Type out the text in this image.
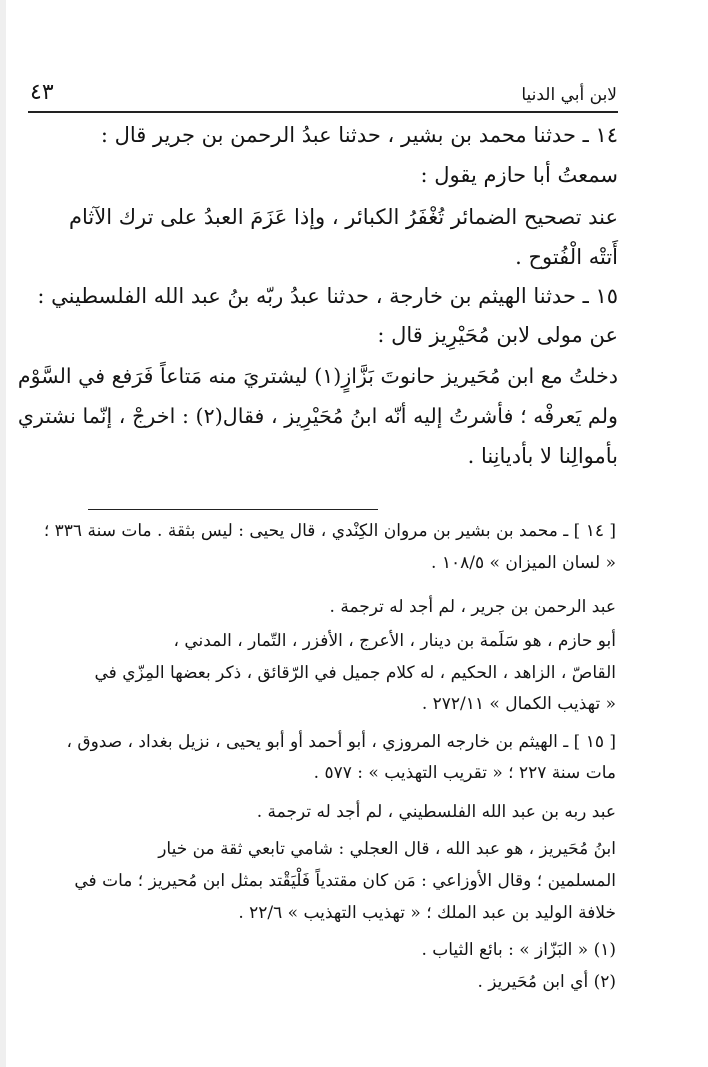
لابن أبي الدنيا
٤٣
١٤ ـ حدثنا محمد بن بشير ، حدثنا عبدُ الرحمن بن جرير قال :
سمعتُ أبا حازم يقول :
عند تصحيح الضمائر تُغْفَرُ الكبائر ، وإذا عَزَمَ العبدُ على ترك الآثام
أَتتْه الْفُتوح .
١٥ ـ حدثنا الهيثم بن خارجة ، حدثنا عبدُ ربّه بنُ عبد الله الفلسطيني :
عن مولى لابن مُحَيْرِيز قال :
دخلتُ مع ابن مُحَيريز حانوتَ بَزَّازٍ(١) ليشتريَ منه مَتاعاً فَرَفع في السَّوْم
ولم يَعرفْه ؛ فأشرتُ إليه أنّه ابنُ مُحَيْرِيز ، فقال(٢) : اخرجْ ، إنّما نشتري
بأموالِنا لا بأديانِنا .
[ ١٤ ] ـ محمد بن بشير بن مروان الكِنْدي ، قال يحيى : ليس بثقة . مات سنة ٣٣٦ ؛
« لسان الميزان » ١٠٨/٥ .
عبد الرحمن بن جرير ، لم أجد له ترجمة .
أبو حازم ، هو سَلَمة بن دينار ، الأعرج ، الأفزر ، التّمار ، المدني ،
القاصّ ، الزاهد ، الحكيم ، له كلام جميل في الرّقائق ، ذكر بعضها المِزّي في
« تهذيب الكمال » ٢٧٢/١١ .
[ ١٥ ] ـ الهيثم بن خارجه المروزي ، أبو أحمد أو أبو يحيى ، نزيل بغداد ، صدوق ،
مات سنة ٢٢٧ ؛ « تقريب التهذيب » : ٥٧٧ .
عبد ربه بن عبد الله الفلسطيني ، لم أجد له ترجمة .
ابنُ مُحَيريز ، هو عبد الله ، قال العجلي : شامي تابعي ثقة من خيار
المسلمين ؛ وقال الأوزاعي : مَن كان مقتدياً فَلْيَقْتد بمثل ابن مُحيريز ؛ مات في
خلافة الوليد بن عبد الملك ؛ « تهذيب التهذيب » ٢٢/٦ .
(١) « البَزّاز » : بائع الثياب .
(٢) أي ابن مُحَيريز .
